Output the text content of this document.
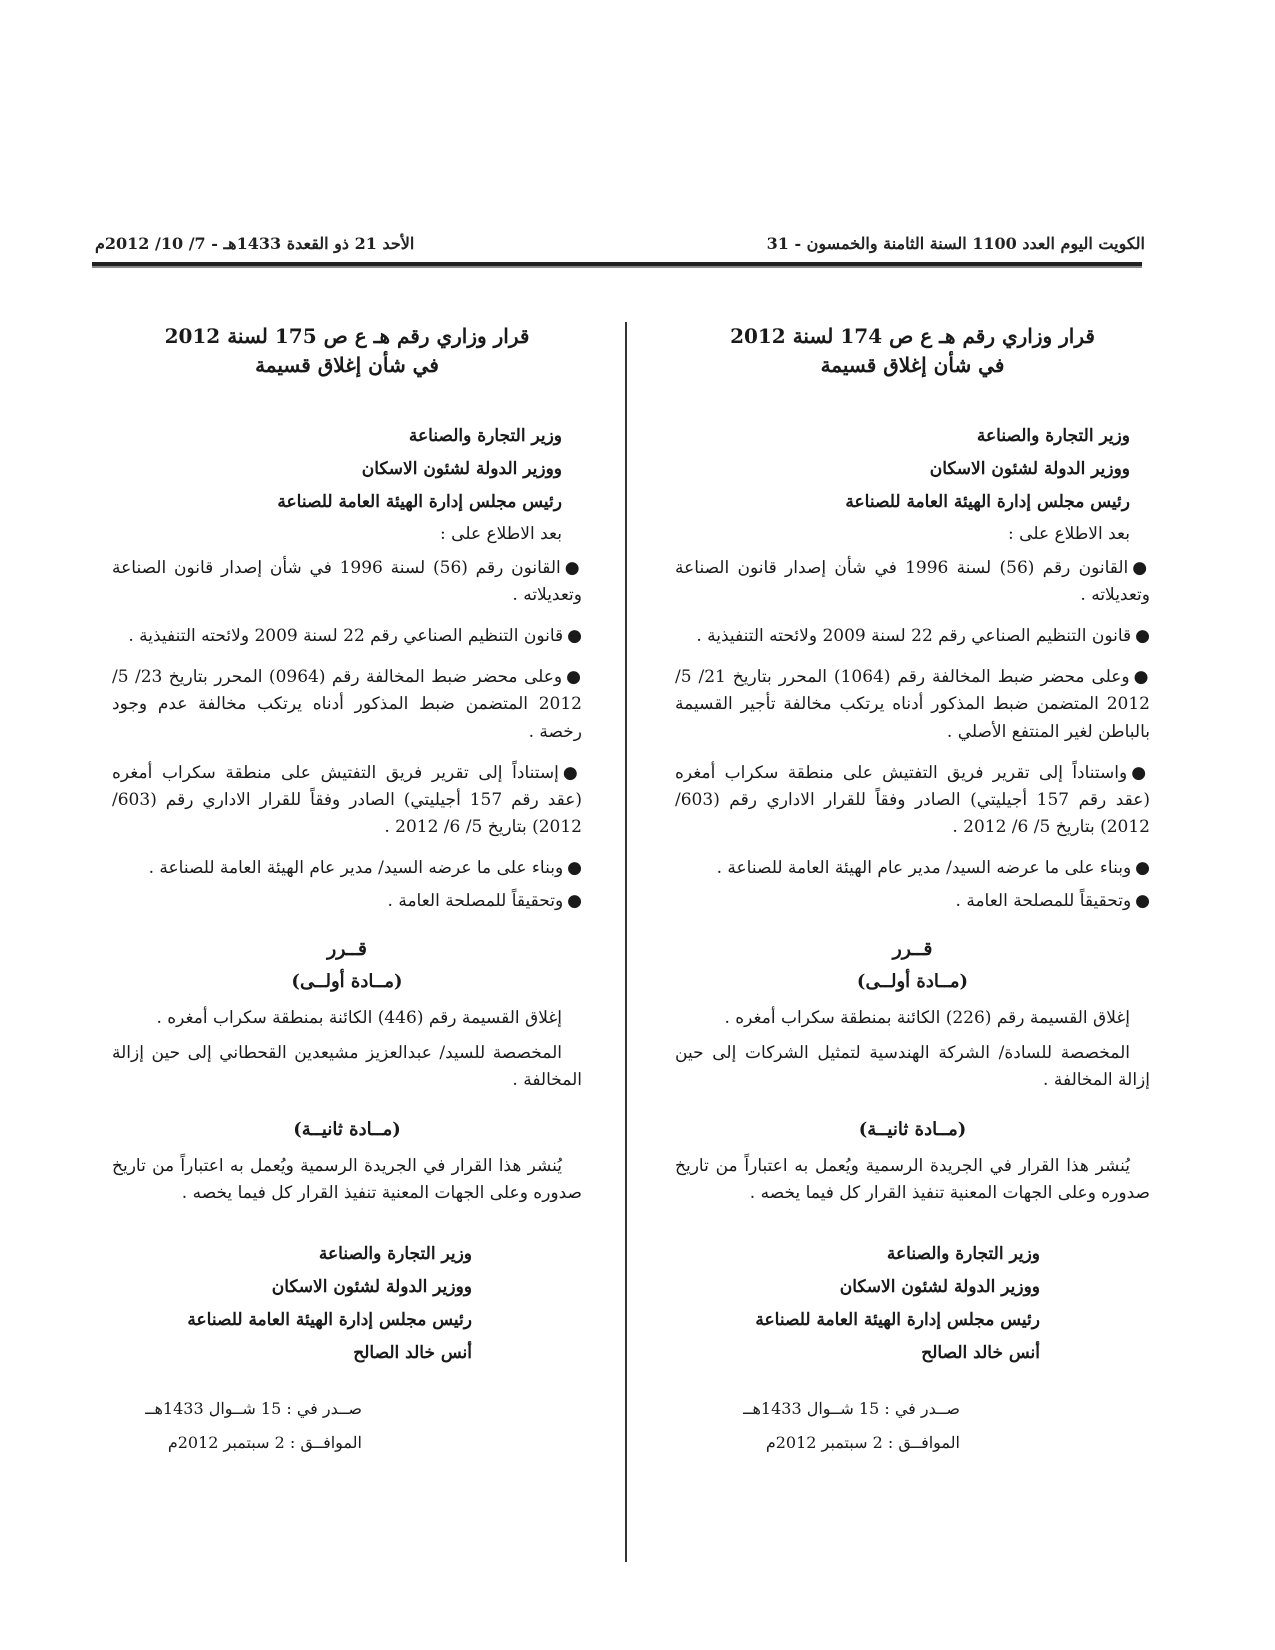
الكويت اليوم العدد 1100 السنة الثامنة والخمسون - 31
الأحد 21 ذو القعدة 1433هـ - 7/ 10/ 2012م
قرار وزاري رقم هـ ع ص 174 لسنة 2012
في شأن إغلاق قسيمة
وزير التجارة والصناعة
ووزير الدولة لشئون الاسكان
رئيس مجلس إدارة الهيئة العامة للصناعة
بعد الاطلاع على :
●القانون رقم (56) لسنة 1996 في شأن إصدار قانون الصناعة وتعديلاته .
●قانون التنظيم الصناعي رقم 22 لسنة 2009 ولائحته التنفيذية .
●وعلى محضر ضبط المخالفة رقم (1064) المحرر بتاريخ 21/ 5/ 2012 المتضمن ضبط المذكور أدناه يرتكب مخالفة تأجير القسيمة بالباطن لغير المنتفع الأصلي .
●واستناداً إلى تقرير فريق التفتيش على منطقة سكراب أمغره (عقد رقم 157 أجيليتي) الصادر وفقاً للقرار الاداري رقم (603/ 2012) بتاريخ 5/ 6/ 2012 .
●وبناء على ما عرضه السيد/ مدير عام الهيئة العامة للصناعة .
●وتحقيقاً للمصلحة العامة .
قــرر
(مــادة أولــى)
إغلاق القسيمة رقم (226) الكائنة بمنطقة سكراب أمغره .
المخصصة للسادة/ الشركة الهندسية لتمثيل الشركات إلى حين إزالة المخالفة .
(مــادة ثانيــة)
يُنشر هذا القرار في الجريدة الرسمية ويُعمل به اعتباراً من تاريخ صدوره وعلى الجهات المعنية تنفيذ القرار كل فيما يخصه .
وزير التجارة والصناعة
ووزير الدولة لشئون الاسكان
رئيس مجلس إدارة الهيئة العامة للصناعة
أنس خالد الصالح
صــدر في : 15 شــوال 1433هــ
الموافــق : 2 سبتمبر 2012م
قرار وزاري رقم هـ ع ص 175 لسنة 2012
في شأن إغلاق قسيمة
وزير التجارة والصناعة
ووزير الدولة لشئون الاسكان
رئيس مجلس إدارة الهيئة العامة للصناعة
بعد الاطلاع على :
●القانون رقم (56) لسنة 1996 في شأن إصدار قانون الصناعة وتعديلاته .
●قانون التنظيم الصناعي رقم 22 لسنة 2009 ولائحته التنفيذية .
●وعلى محضر ضبط المخالفة رقم (0964) المحرر بتاريخ 23/ 5/ 2012 المتضمن ضبط المذكور أدناه يرتكب مخالفة عدم وجود رخصة .
●إستناداً إلى تقرير فريق التفتيش على منطقة سكراب أمغره (عقد رقم 157 أجيليتي) الصادر وفقاً للقرار الاداري رقم (603/ 2012) بتاريخ 5/ 6/ 2012 .
●وبناء على ما عرضه السيد/ مدير عام الهيئة العامة للصناعة .
●وتحقيقاً للمصلحة العامة .
قــرر
(مــادة أولــى)
إغلاق القسيمة رقم (446) الكائنة بمنطقة سكراب أمغره .
المخصصة للسيد/ عبدالعزيز مشيعدين القحطاني إلى حين إزالة المخالفة .
(مــادة ثانيــة)
يُنشر هذا القرار في الجريدة الرسمية ويُعمل به اعتباراً من تاريخ صدوره وعلى الجهات المعنية تنفيذ القرار كل فيما يخصه .
وزير التجارة والصناعة
ووزير الدولة لشئون الاسكان
رئيس مجلس إدارة الهيئة العامة للصناعة
أنس خالد الصالح
صــدر في : 15 شــوال 1433هــ
الموافــق : 2 سبتمبر 2012م
